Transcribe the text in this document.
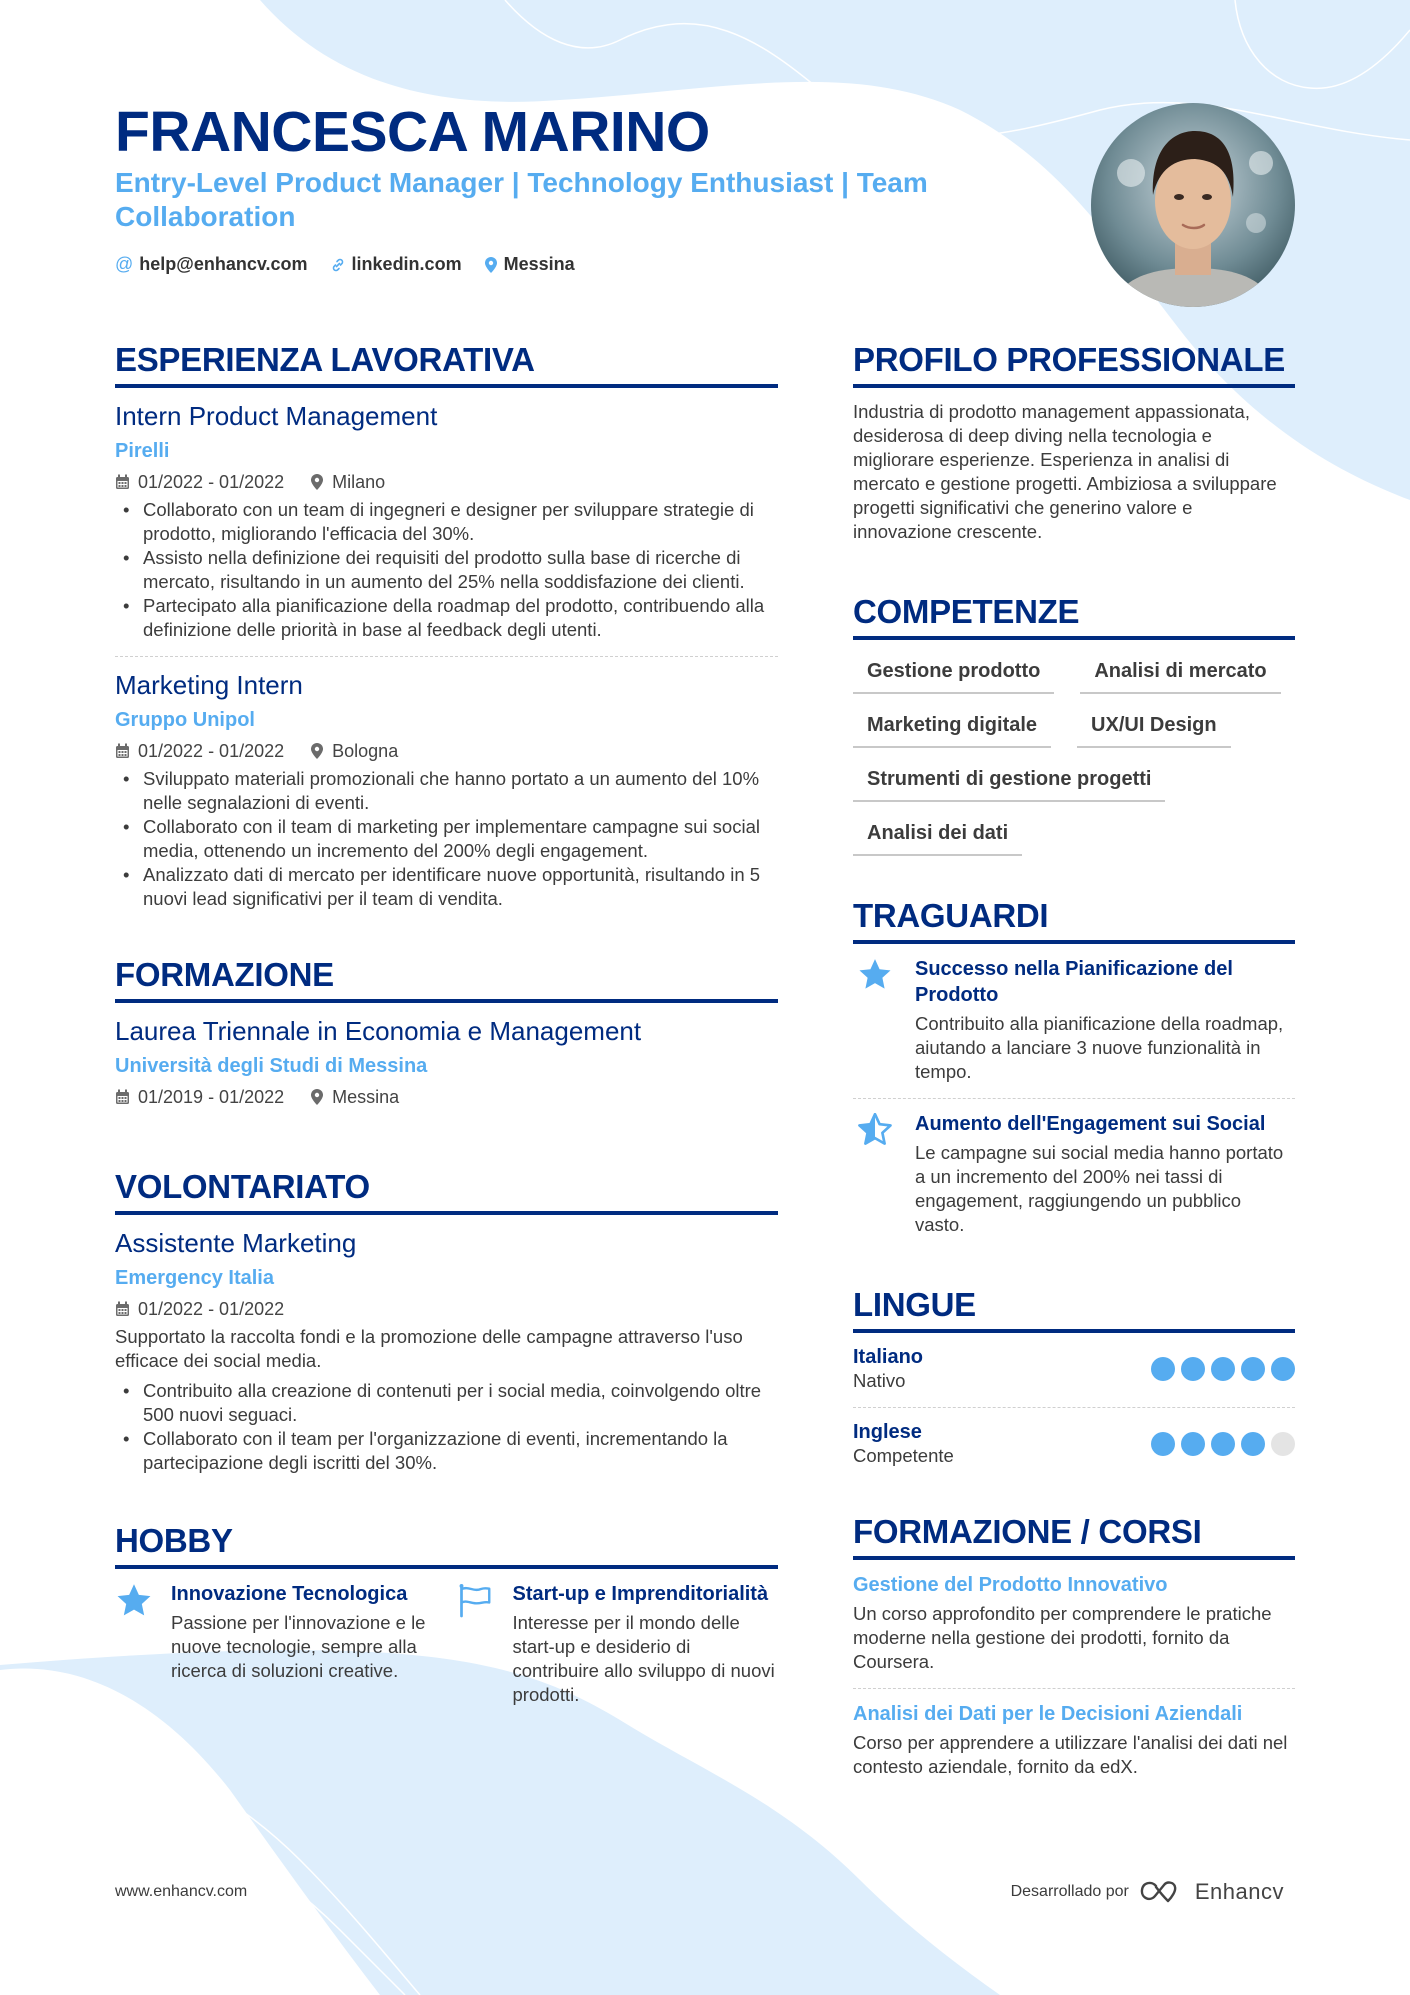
FRANCESCA MARINO
Entry-Level Product Manager | Technology Enthusiast | Team Collaboration
@ help@enhancv.com linkedin.com Messina
ESPERIENZA LAVORATIVA
Intern Product Management
Pirelli
01/2022 - 01/2022	Milano
• Collaborato con un team di ingegneri e designer per sviluppare strategie di prodotto, migliorando l'efficacia del 30%.
• Assisto nella definizione dei requisiti del prodotto sulla base di ricerche di mercato, risultando in un aumento del 25% nella soddisfazione dei clienti.
• Partecipato alla pianificazione della roadmap del prodotto, contribuendo alla definizione delle priorità in base al feedback degli utenti.
Marketing Intern
Gruppo Unipol
01/2022 - 01/2022	Bologna
• Sviluppato materiali promozionali che hanno portato a un aumento del 10% nelle segnalazioni di eventi.
• Collaborato con il team di marketing per implementare campagne sui social media, ottenendo un incremento del 200% degli engagement.
• Analizzato dati di mercato per identificare nuove opportunità, risultando in 5 nuovi lead significativi per il team di vendita.
FORMAZIONE
Laurea Triennale in Economia e Management
Università degli Studi di Messina
01/2019 - 01/2022	Messina
VOLONTARIATO
Assistente Marketing
Emergency Italia
01/2022 - 01/2022
Supportato la raccolta fondi e la promozione delle campagne attraverso l'uso efficace dei social media.
• Contribuito alla creazione di contenuti per i social media, coinvolgendo oltre 500 nuovi seguaci.
• Collaborato con il team per l'organizzazione di eventi, incrementando la partecipazione degli iscritti del 30%.
HOBBY
Innovazione Tecnologica
Passione per l'innovazione e le nuove tecnologie, sempre alla ricerca di soluzioni creative.
Start-up e Imprenditorialità
Interesse per il mondo delle start-up e desiderio di contribuire allo sviluppo di nuovi prodotti.
PROFILO PROFESSIONALE
Industria di prodotto management appassionata, desiderosa di deep diving nella tecnologia e migliorare esperienze. Esperienza in analisi di mercato e gestione progetti. Ambiziosa a sviluppare progetti significativi che generino valore e innovazione crescente.
COMPETENZE
Gestione prodotto	Analisi di mercato
Marketing digitale	UX/UI Design
Strumenti di gestione progetti
Analisi dei dati
TRAGUARDI
Successo nella Pianificazione del Prodotto
Contribuito alla pianificazione della roadmap, aiutando a lanciare 3 nuove funzionalità in tempo.
Aumento dell'Engagement sui Social
Le campagne sui social media hanno portato a un incremento del 200% nei tassi di engagement, raggiungendo un pubblico vasto.
LINGUE
Italiano
Nativo
Inglese
Competente
FORMAZIONE / CORSI
Gestione del Prodotto Innovativo
Un corso approfondito per comprendere le pratiche moderne nella gestione dei prodotti, fornito da Coursera.
Analisi dei Dati per le Decisioni Aziendali
Corso per apprendere a utilizzare l'analisi dei dati nel contesto aziendale, fornito da edX.
www.enhancv.com	Desarrollado por	Enhancv
